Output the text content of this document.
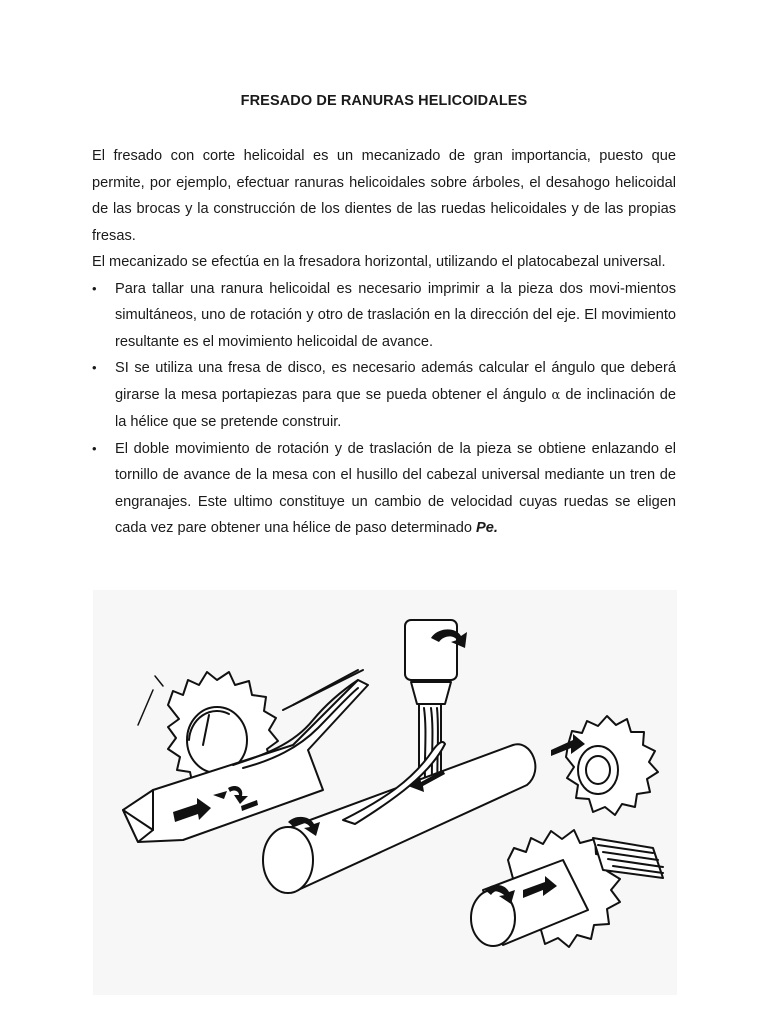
FRESADO DE RANURAS HELICOIDALES

El fresado con corte helicoidal es un mecanizado de gran importancia, puesto que permite, por ejemplo, efectuar ranuras helicoidales sobre árboles, el desahogo helicoidal de las brocas y la construcción de los dientes de las ruedas helicoidales y de las propias fresas.

El mecanizado se efectúa en la fresadora horizontal, utilizando el platocabezal universal.

• Para tallar una ranura helicoidal es necesario imprimir a la pieza dos movi-mientos simultáneos, uno de rotación y otro de traslación en la dirección del eje. El movimiento resultante es el movimiento helicoidal de avance.
• SI se utiliza una fresa de disco, es necesario además calcular el ángulo que deberá girarse la mesa portapiezas para que se pueda obtener el ángulo α de inclinación de la hélice que se pretende construir.
• El doble movimiento de rotación y de traslación de la pieza se obtiene enlazando el tornillo de avance de la mesa con el husillo del cabezal universal mediante un tren de engranajes. Este ultimo constituye un cambio de velocidad cuyas ruedas se eligen cada vez pare obtener una hélice de paso determinado Pe.
